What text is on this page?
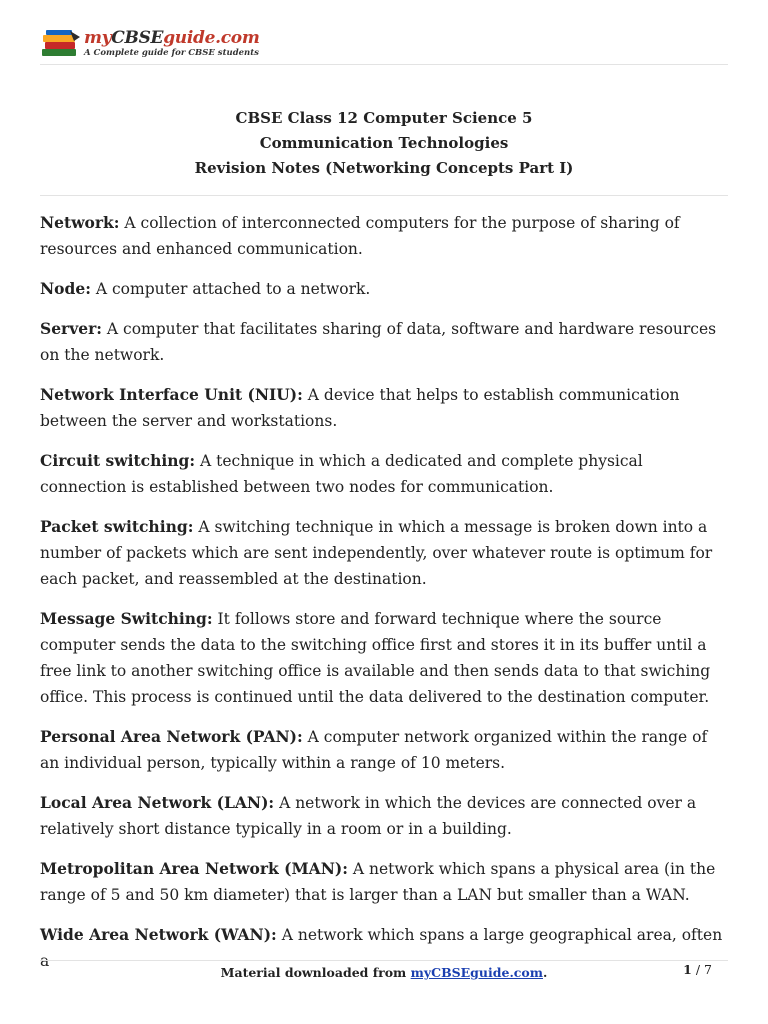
myCBSEguide.com
A Complete guide for CBSE students
CBSE Class 12 Computer Science 5
Communication Technologies
Revision Notes (Networking Concepts Part I)

Network: A collection of interconnected computers for the purpose of sharing of resources and enhanced communication.

Node: A computer attached to a network.

Server: A computer that facilitates sharing of data, software and hardware resources on the network.

Network Interface Unit (NIU): A device that helps to establish communication between the server and workstations.

Circuit switching: A technique in which a dedicated and complete physical connection is established between two nodes for communication.

Packet switching: A switching technique in which a message is broken down into a number of packets which are sent independently, over whatever route is optimum for each packet, and reassembled at the destination.

Message Switching: It follows store and forward technique where the source computer sends the data to the switching office first and stores it in its buffer until a free link to another switching office is available and then sends data to that swiching office. This process is continued until the data delivered to the destination computer.

Personal Area Network (PAN): A computer network organized within the range of an individual person, typically within a range of 10 meters.

Local Area Network (LAN): A network in which the devices are connected over a relatively short distance typically in a room or in a building.

Metropolitan Area Network (MAN): A network which spans a physical area (in the range of 5 and 50 km diameter) that is larger than a LAN but smaller than a WAN.

Wide Area Network (WAN): A network which spans a large geographical area, often a

Material downloaded from myCBSEguide.com.	1 / 7
